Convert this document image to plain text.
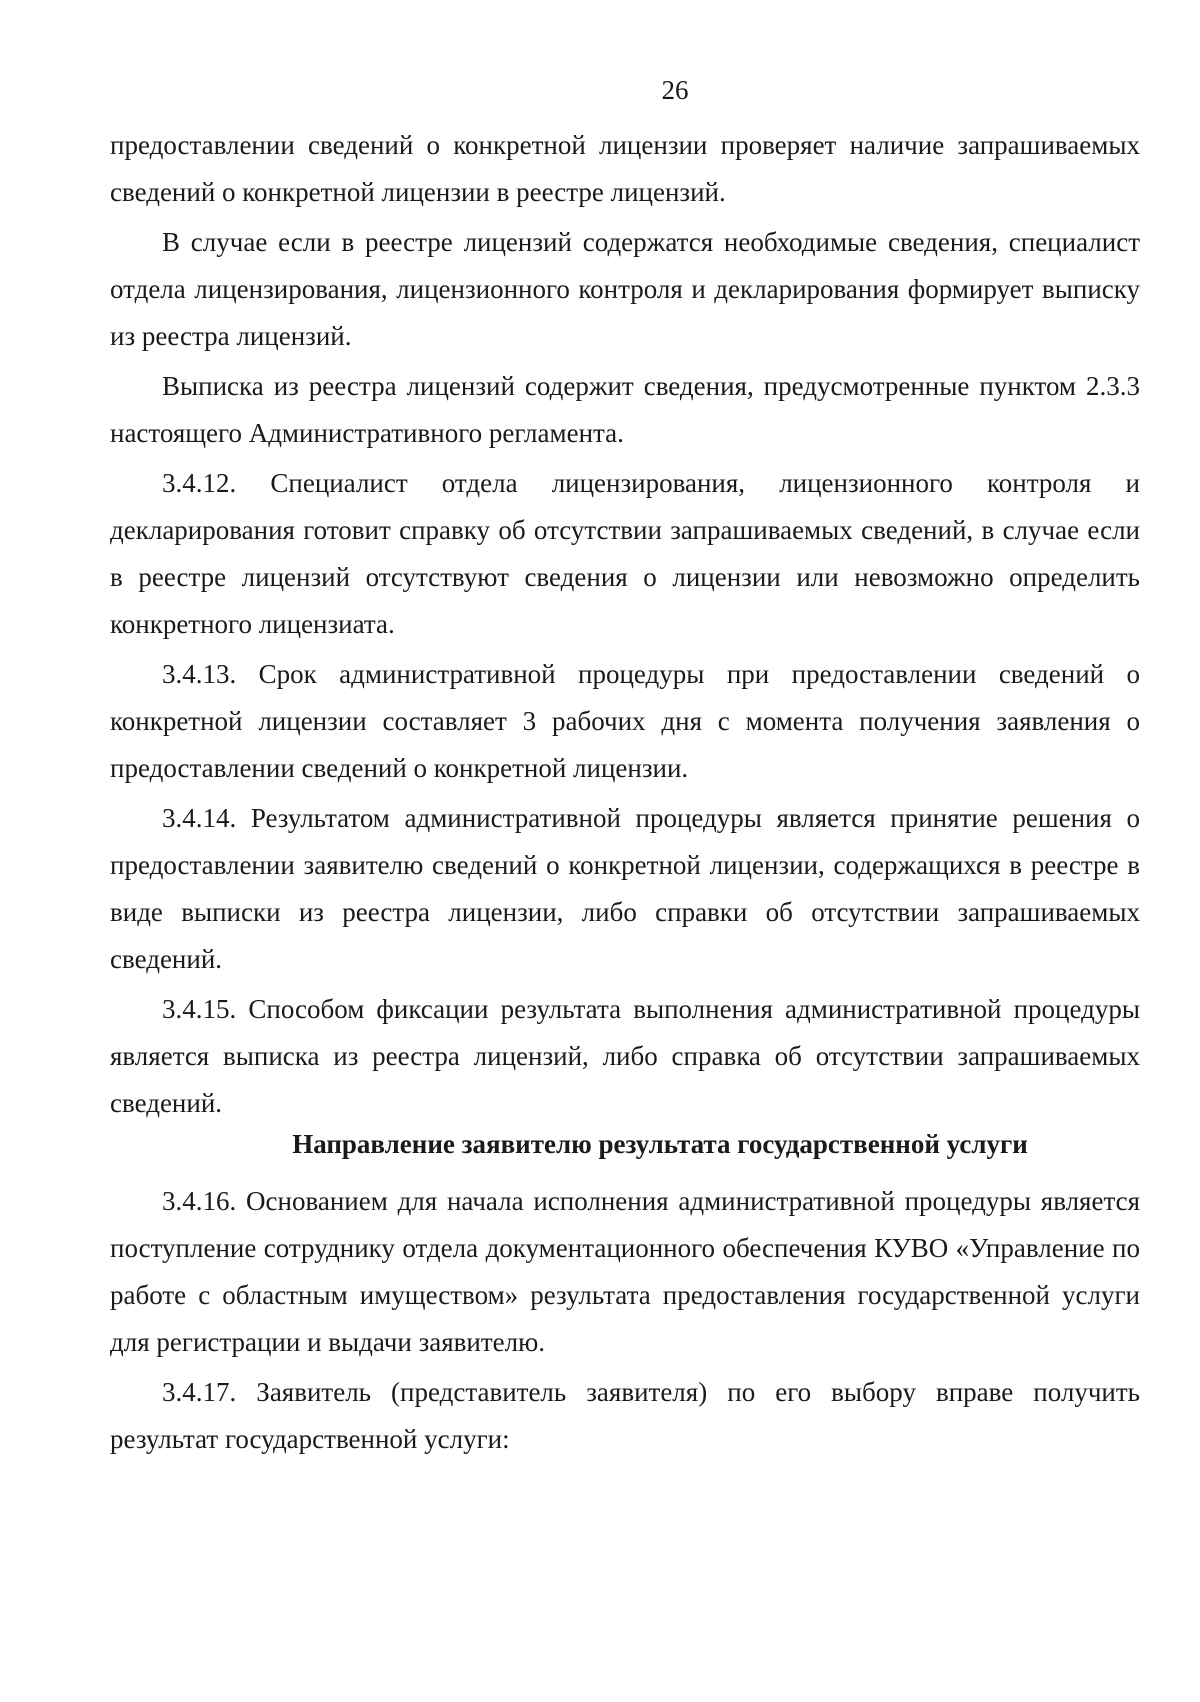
26

предоставлении сведений о конкретной лицензии проверяет наличие запрашиваемых сведений о конкретной лицензии в реестре лицензий.

В случае если в реестре лицензий содержатся необходимые сведения, специалист отдела лицензирования, лицензионного контроля и декларирования формирует выписку из реестра лицензий.

Выписка из реестра лицензий содержит сведения, предусмотренные пунктом 2.3.3 настоящего Административного регламента.

3.4.12. Специалист отдела лицензирования, лицензионного контроля и декларирования готовит справку об отсутствии запрашиваемых сведений, в случае если в реестре лицензий отсутствуют сведения о лицензии или невозможно определить конкретного лицензиата.

3.4.13. Срок административной процедуры при предоставлении сведений о конкретной лицензии составляет 3 рабочих дня с момента получения заявления о предоставлении сведений о конкретной лицензии.

3.4.14. Результатом административной процедуры является принятие решения о предоставлении заявителю сведений о конкретной лицензии, содержащихся в реестре в виде выписки из реестра лицензии, либо справки об отсутствии запрашиваемых сведений.

3.4.15. Способом фиксации результата выполнения административной процедуры является выписка из реестра лицензий, либо справка об отсутствии запрашиваемых сведений.

Направление заявителю результата государственной услуги

3.4.16. Основанием для начала исполнения административной процедуры является поступление сотруднику отдела документационного обеспечения КУВО «Управление по работе с областным имуществом» результата предоставления государственной услуги для регистрации и выдачи заявителю.

3.4.17. Заявитель (представитель заявителя) по его выбору вправе получить результат государственной услуги:
